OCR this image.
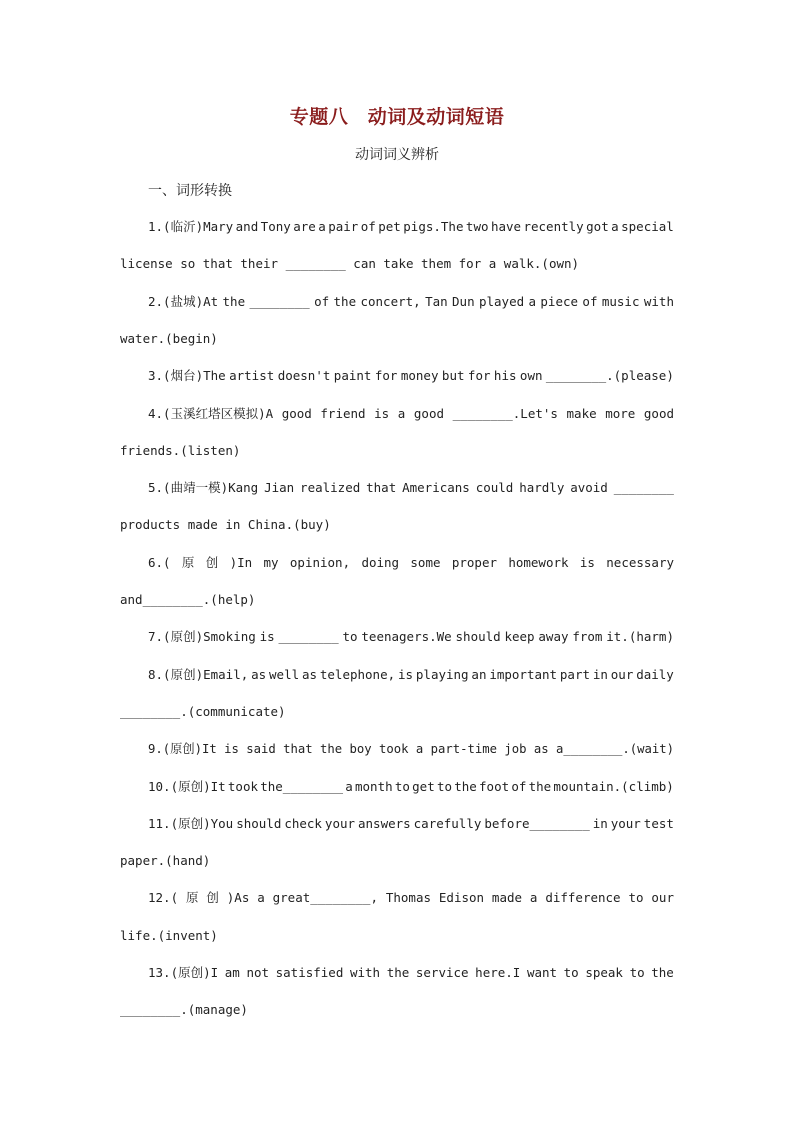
专题八　动词及动词短语
动词词义辨析
一、词形转换
1.(临沂)Mary and Tony are a pair of pet pigs.The two have recently got a special
license so that their ________ can take them for a walk.(own)
2.(盐城)At the ________ of the concert, Tan Dun played a piece of music with
water.(begin)
3.(烟台)The artist doesn't paint for money but for his own ________.(please)
4.(玉溪红塔区模拟)A good friend is a good ________.Let's make more good
friends.(listen)
5.(曲靖一模)Kang Jian realized that Americans could hardly avoid ________
products made in China.(buy)
6.( 原 创 )In my opinion, doing some proper homework is necessary
and________.(help)
7.(原创)Smoking is ________ to teenagers.We should keep away from it.(harm)
8.(原创)Email, as well as telephone, is playing an important part in our daily
________.(communicate)
9.(原创)It is said that the boy took a part-time job as a________.(wait)
10.(原创)It took the________ a month to get to the foot of the mountain.(climb)
11.(原创)You should check your answers carefully before________ in your test
paper.(hand)
12.( 原 创 )As a great________, Thomas Edison made a difference to our
life.(invent)
13.(原创)I am not satisfied with the service here.I want to speak to the
________.(manage)
